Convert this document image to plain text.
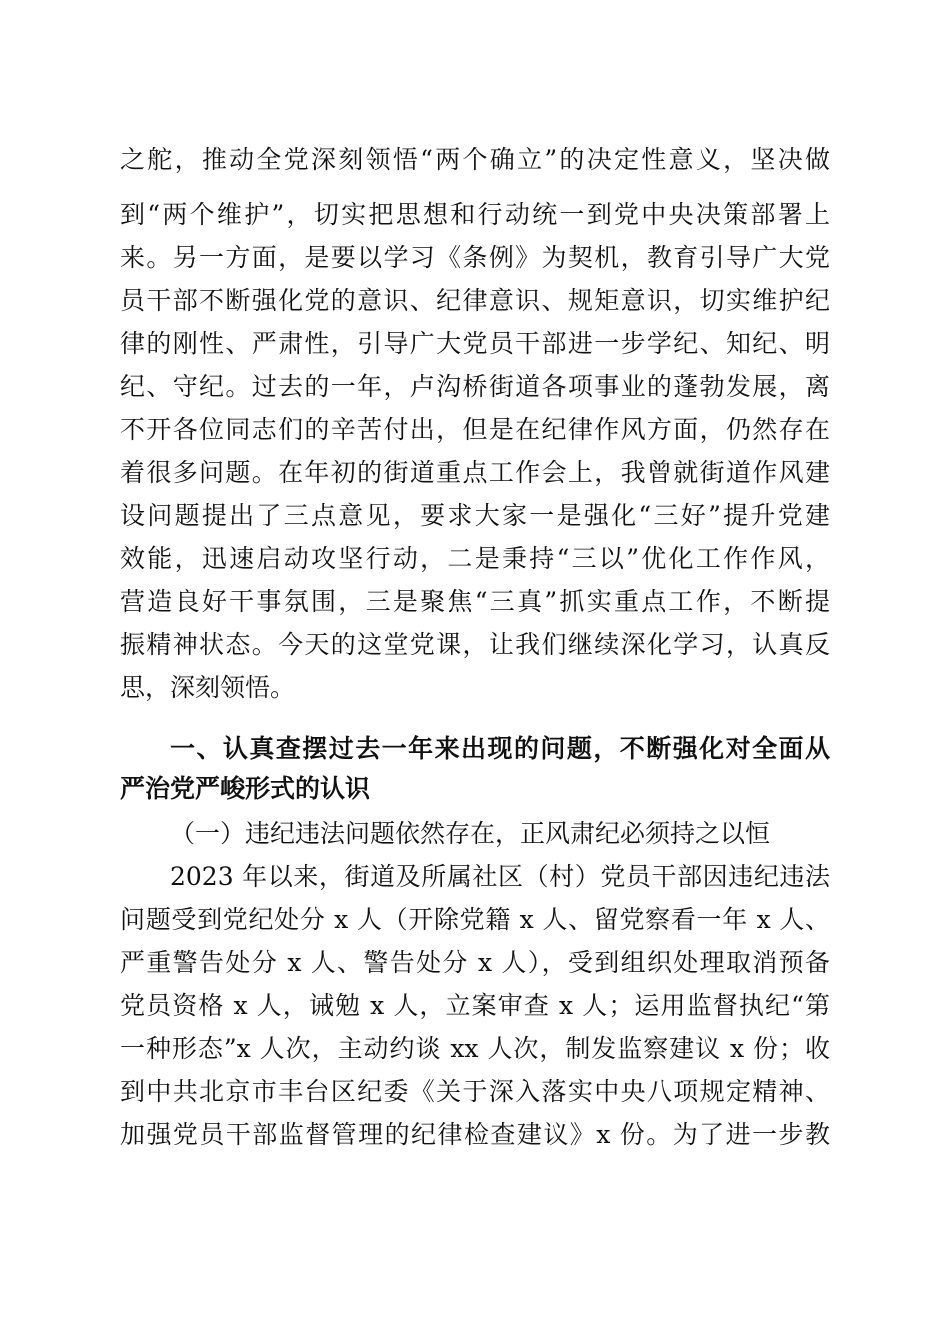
之舵，推动全党深刻领悟“两个确立”的决定性意义，坚决做
到“两个维护”，切实把思想和行动统一到党中央决策部署上
来。另一方面，是要以学习《条例》为契机，教育引导广大党
员干部不断强化党的意识、纪律意识、规矩意识，切实维护纪
律的刚性、严肃性，引导广大党员干部进一步学纪、知纪、明
纪、守纪。过去的一年，卢沟桥街道各项事业的蓬勃发展，离
不开各位同志们的辛苦付出，但是在纪律作风方面，仍然存在
着很多问题。在年初的街道重点工作会上，我曾就街道作风建
设问题提出了三点意见，要求大家一是强化“三好”提升党建
效能，迅速启动攻坚行动，二是秉持“三以”优化工作作风，
营造良好干事氛围，三是聚焦“三真”抓实重点工作，不断提
振精神状态。今天的这堂党课，让我们继续深化学习，认真反
思，深刻领悟。
一、认真查摆过去一年来出现的问题，不断强化对全面从
严治党严峻形式的认识
（一）违纪违法问题依然存在，正风肃纪必须持之以恒
2023 年以来，街道及所属社区（村）党员干部因违纪违法
问题受到党纪处分 x 人（开除党籍 x 人、留党察看一年 x 人、
严重警告处分 x 人、警告处分 x 人），受到组织处理取消预备
党员资格 x 人，诫勉 x 人，立案审查 x 人；运用监督执纪“第
一种形态”x 人次，主动约谈 xx 人次，制发监察建议 x 份；收
到中共北京市丰台区纪委《关于深入落实中央八项规定精神、
加强党员干部监督管理的纪律检查建议》x 份。为了进一步教
